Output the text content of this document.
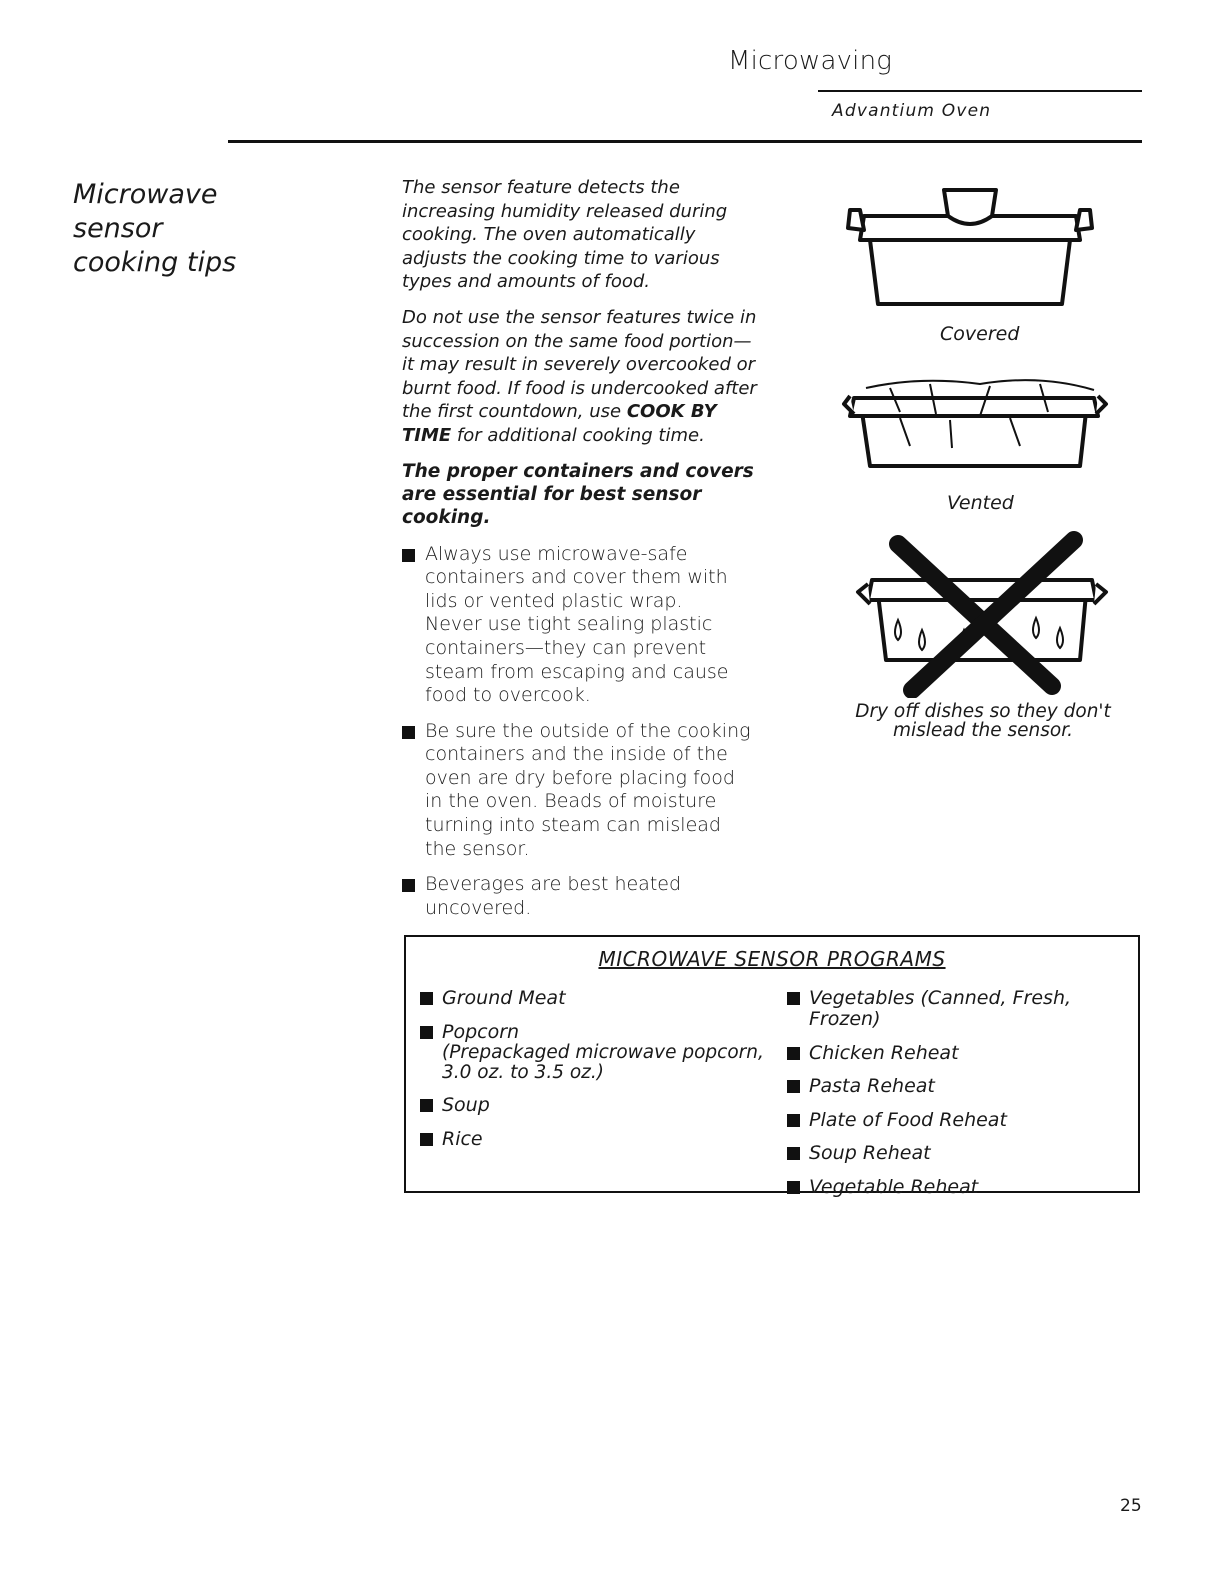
Microwaving
Advantium Oven
Microwave
sensor
cooking tips

The sensor feature detects the increasing humidity released during cooking. The oven automatically adjusts the cooking time to various types and amounts of food.

Do not use the sensor features twice in succession on the same food portion—it may result in severely overcooked or burnt food. If food is undercooked after the first countdown, use COOK BY TIME for additional cooking time.

The proper containers and covers are essential for best sensor cooking.

Always use microwave-safe containers and cover them with lids or vented plastic wrap.
Never use tight sealing plastic containers—they can prevent steam from escaping and cause food to overcook.
Be sure the outside of the cooking containers and the inside of the oven are dry before placing food in the oven. Beads of moisture turning into steam can mislead the sensor.
Beverages are best heated uncovered.
Covered
Vented
Dry off dishes so they don't mislead the sensor.
MICROWAVE SENSOR PROGRAMS
Ground Meat
Popcorn
(Prepackaged microwave popcorn, 3.0 oz. to 3.5 oz.)
Soup
Rice
Vegetables (Canned, Fresh, Frozen)
Chicken Reheat
Pasta Reheat
Plate of Food Reheat
Soup Reheat
Vegetable Reheat
25
